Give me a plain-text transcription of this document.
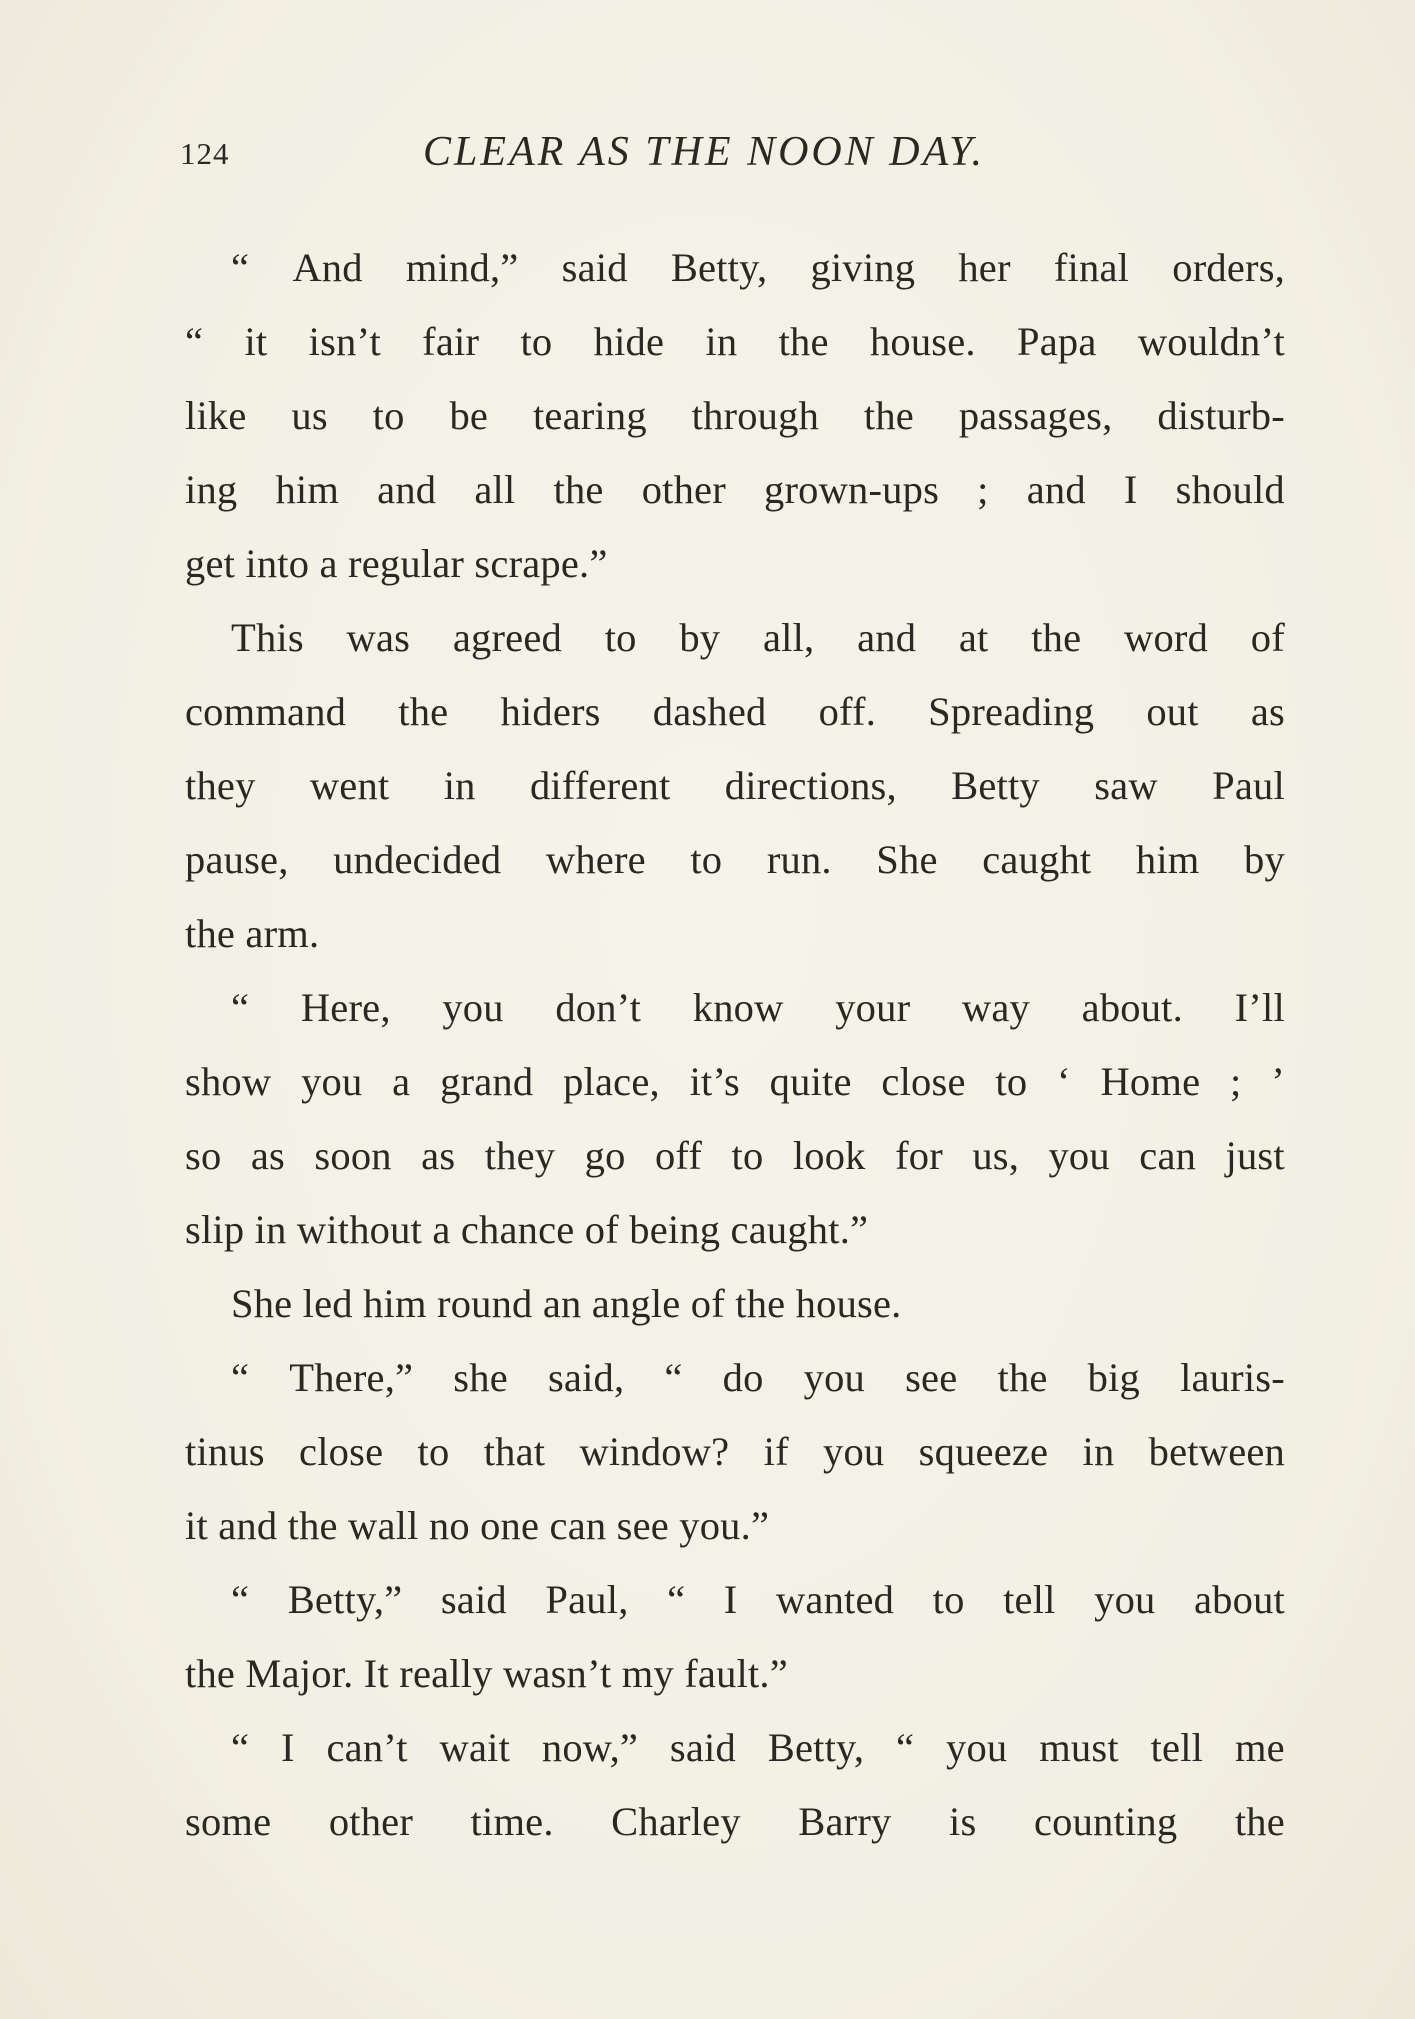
124	CLEAR AS THE NOON DAY.
“ And mind,” said Betty, giving her final orders,
“ it isn’t fair to hide in the house. Papa wouldn’t
like us to be tearing through the passages, disturb-
ing him and all the other grown-ups ; and I should
get into a regular scrape.”
This was agreed to by all, and at the word of
command the hiders dashed off. Spreading out as
they went in different directions, Betty saw Paul
pause, undecided where to run. She caught him by
the arm.
“ Here, you don’t know your way about. I’ll
show you a grand place, it’s quite close to ‘ Home ; ’
so as soon as they go off to look for us, you can just
slip in without a chance of being caught.”
She led him round an angle of the house.
“ There,” she said, “ do you see the big lauris-
tinus close to that window? if you squeeze in between
it and the wall no one can see you.”
“ Betty,” said Paul, “ I wanted to tell you about
the Major. It really wasn’t my fault.”
“ I can’t wait now,” said Betty, “ you must tell me
some other time. Charley Barry is counting the
